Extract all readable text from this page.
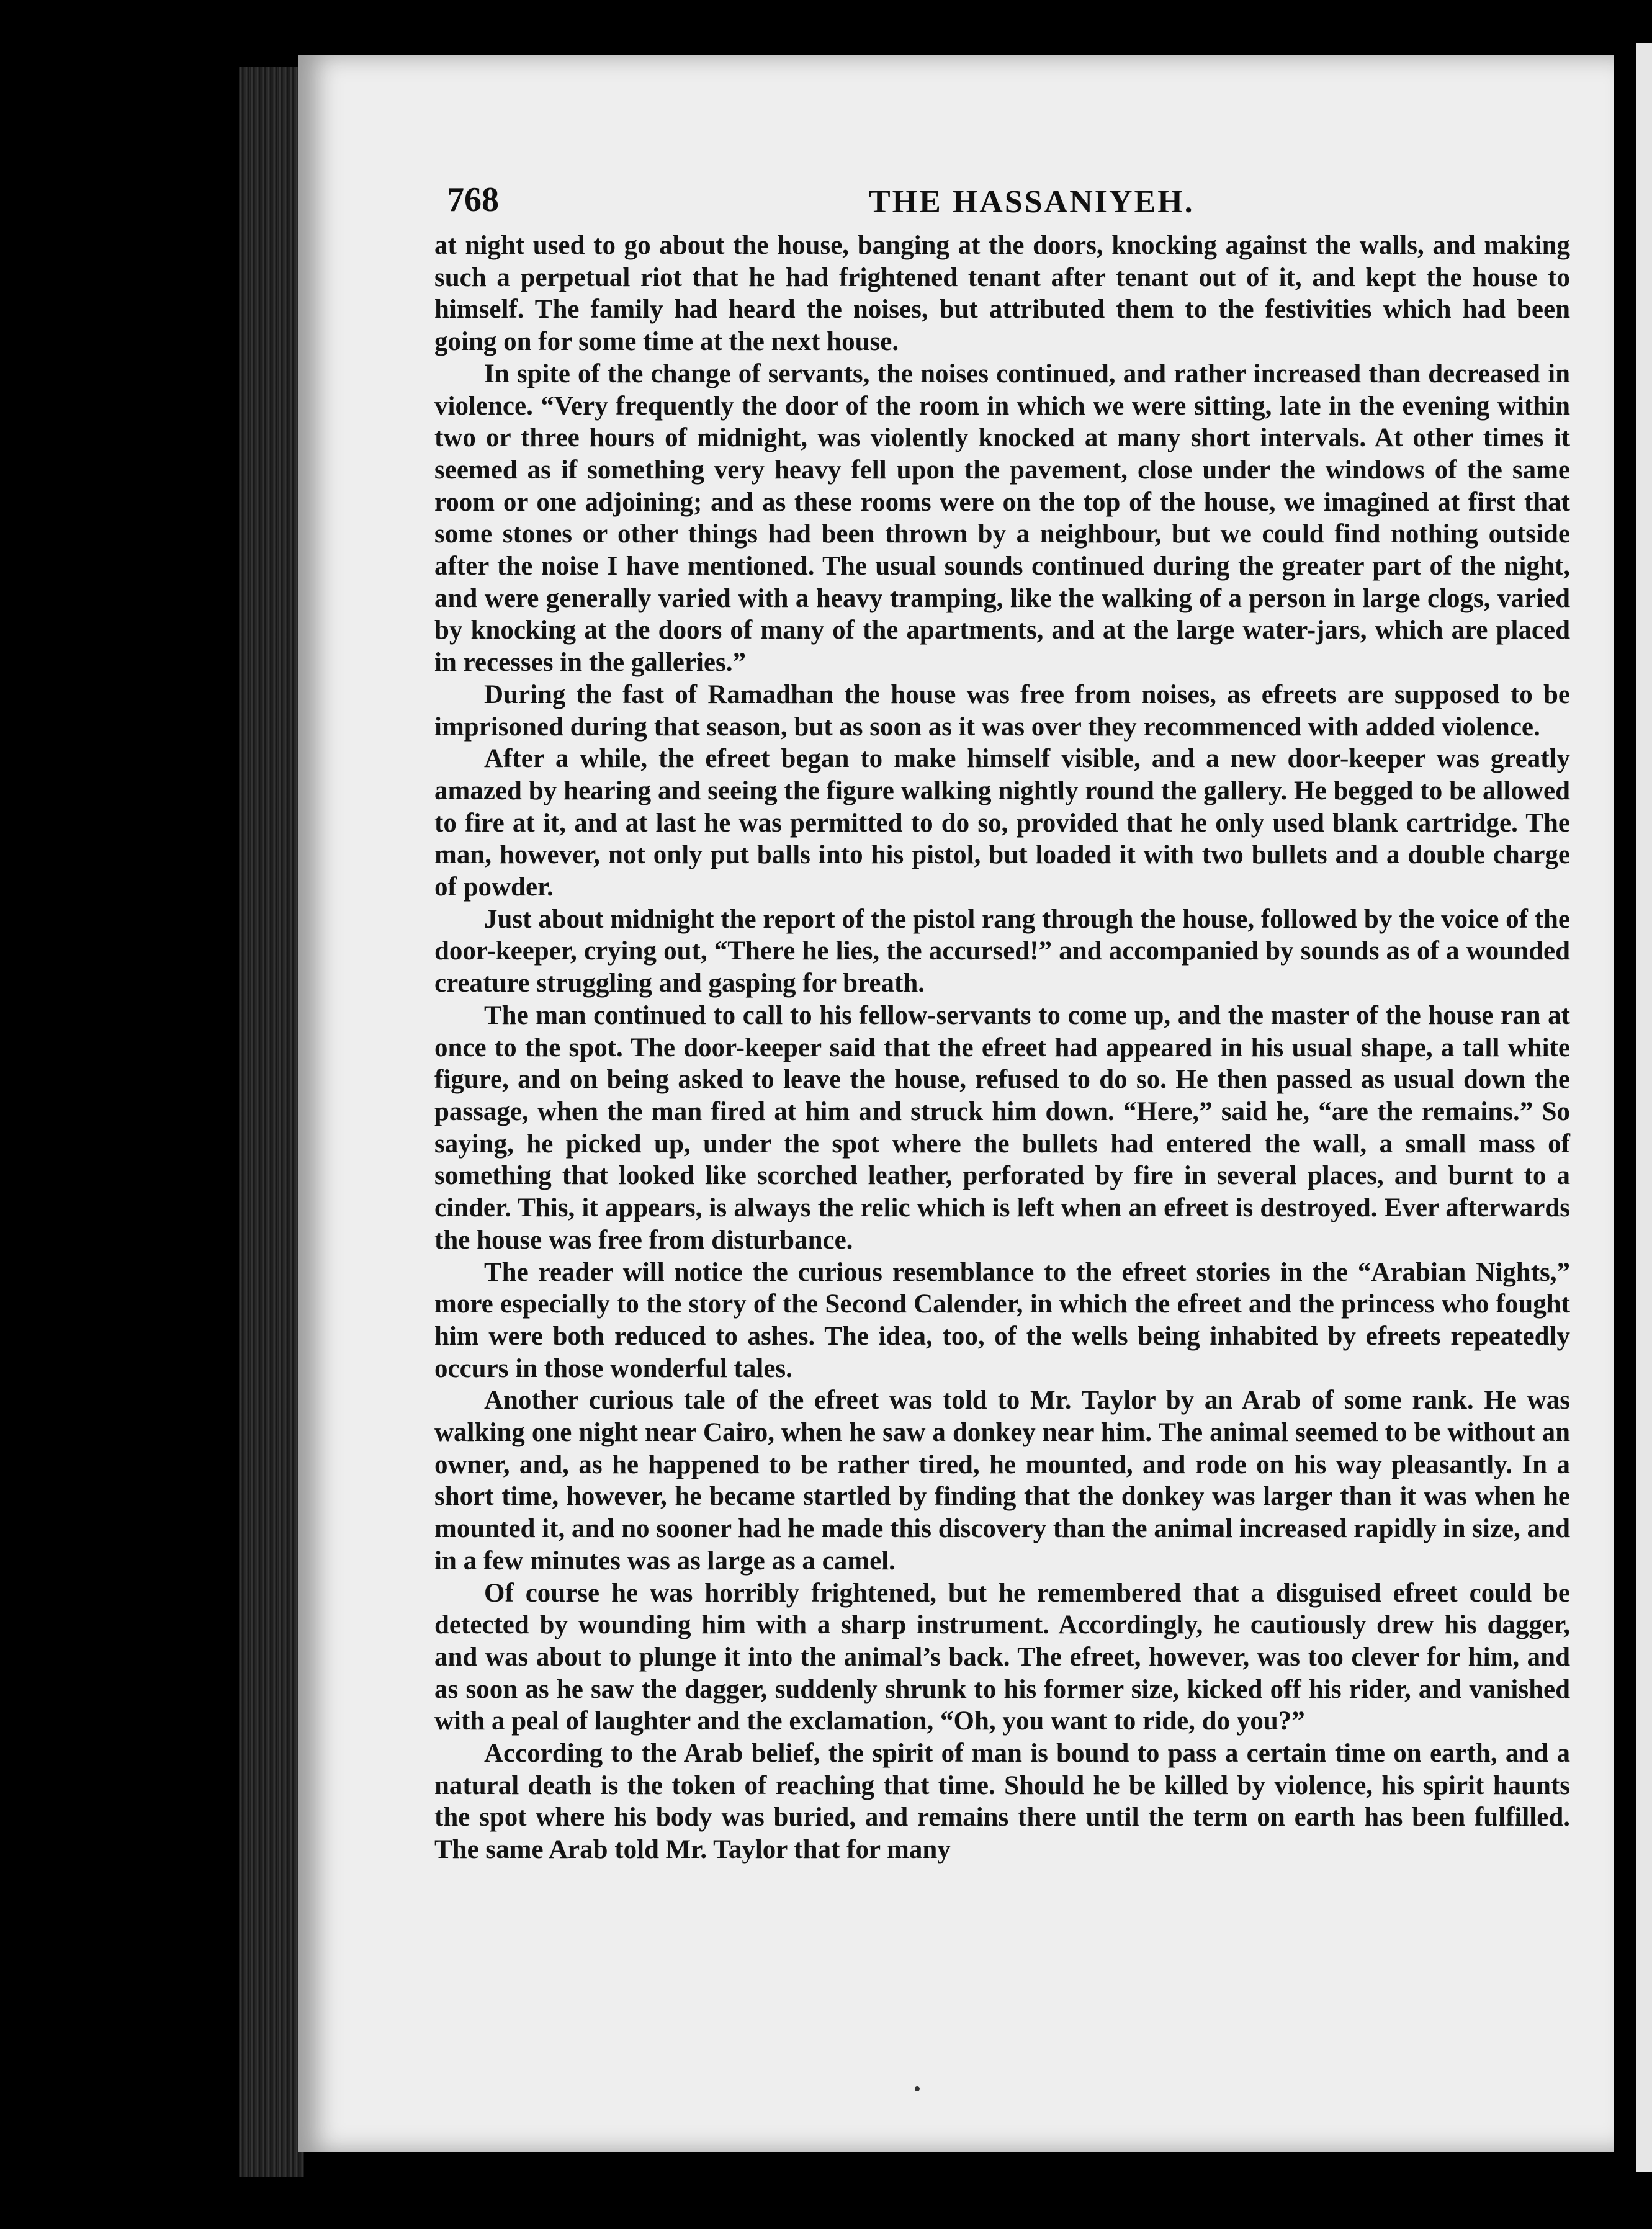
768	THE HASSANIYEH.

at night used to go about the house, banging at the doors, knocking against the walls, and making such a perpetual riot that he had frightened tenant after tenant out of it, and kept the house to himself. The family had heard the noises, but attributed them to the festivities which had been going on for some time at the next house.

In spite of the change of servants, the noises continued, and rather increased than decreased in violence. “Very frequently the door of the room in which we were sitting, late in the evening within two or three hours of midnight, was violently knocked at many short intervals. At other times it seemed as if something very heavy fell upon the pavement, close under the windows of the same room or one adjoining; and as these rooms were on the top of the house, we imagined at first that some stones or other things had been thrown by a neighbour, but we could find nothing outside after the noise I have mentioned. The usual sounds continued during the greater part of the night, and were generally varied with a heavy tramping, like the walking of a person in large clogs, varied by knocking at the doors of many of the apartments, and at the large water-jars, which are placed in recesses in the galleries.”

During the fast of Ramadhan the house was free from noises, as efreets are supposed to be imprisoned during that season, but as soon as it was over they recommenced with added violence.

After a while, the efreet began to make himself visible, and a new door-keeper was greatly amazed by hearing and seeing the figure walking nightly round the gallery. He begged to be allowed to fire at it, and at last he was permitted to do so, provided that he only used blank cartridge. The man, however, not only put balls into his pistol, but loaded it with two bullets and a double charge of powder.

Just about midnight the report of the pistol rang through the house, followed by the voice of the door-keeper, crying out, “There he lies, the accursed!” and accompanied by sounds as of a wounded creature struggling and gasping for breath.

The man continued to call to his fellow-servants to come up, and the master of the house ran at once to the spot. The door-keeper said that the efreet had appeared in his usual shape, a tall white figure, and on being asked to leave the house, refused to do so. He then passed as usual down the passage, when the man fired at him and struck him down. “Here,” said he, “are the remains.” So saying, he picked up, under the spot where the bullets had entered the wall, a small mass of something that looked like scorched leather, perforated by fire in several places, and burnt to a cinder. This, it appears, is always the relic which is left when an efreet is destroyed. Ever afterwards the house was free from disturbance.

The reader will notice the curious resemblance to the efreet stories in the “Arabian Nights,” more especially to the story of the Second Calender, in which the efreet and the princess who fought him were both reduced to ashes. The idea, too, of the wells being inhabited by efreets repeatedly occurs in those wonderful tales.

Another curious tale of the efreet was told to Mr. Taylor by an Arab of some rank. He was walking one night near Cairo, when he saw a donkey near him. The animal seemed to be without an owner, and, as he happened to be rather tired, he mounted, and rode on his way pleasantly. In a short time, however, he became startled by finding that the donkey was larger than it was when he mounted it, and no sooner had he made this discovery than the animal increased rapidly in size, and in a few minutes was as large as a camel.

Of course he was horribly frightened, but he remembered that a disguised efreet could be detected by wounding him with a sharp instrument. Accordingly, he cautiously drew his dagger, and was about to plunge it into the animal’s back. The efreet, however, was too clever for him, and as soon as he saw the dagger, suddenly shrunk to his former size, kicked off his rider, and vanished with a peal of laughter and the exclamation, “Oh, you want to ride, do you?”

According to the Arab belief, the spirit of man is bound to pass a certain time on earth, and a natural death is the token of reaching that time. Should he be killed by violence, his spirit haunts the spot where his body was buried, and remains there until the term on earth has been fulfilled. The same Arab told Mr. Taylor that for many
